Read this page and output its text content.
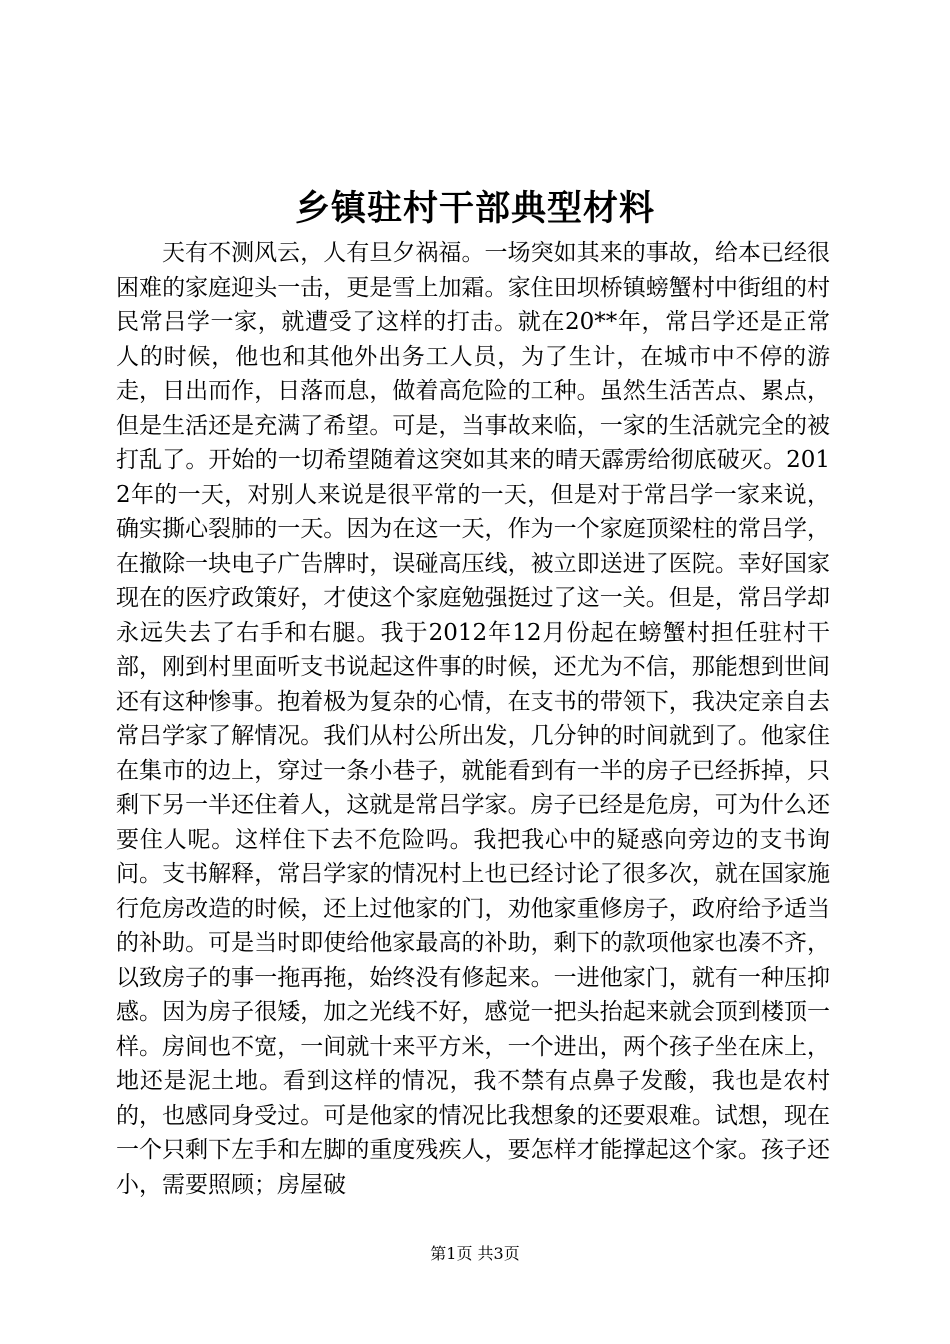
乡镇驻村干部典型材料

天有不测风云，人有旦夕祸福。一场突如其来的事故，给本已经很困难的家庭迎头一击，更是雪上加霜。家住田坝桥镇螃蟹村中街组的村民常吕学一家，就遭受了这样的打击。就在20**年，常吕学还是正常人的时候，他也和其他外出务工人员，为了生计，在城市中不停的游走，日出而作，日落而息，做着高危险的工种。虽然生活苦点、累点，但是生活还是充满了希望。可是，当事故来临，一家的生活就完全的被打乱了。开始的一切希望随着这突如其来的晴天霹雳给彻底破灭。2012年的一天，对别人来说是很平常的一天，但是对于常吕学一家来说，确实撕心裂肺的一天。因为在这一天，作为一个家庭顶梁柱的常吕学，在撤除一块电子广告牌时，误碰高压线，被立即送进了医院。幸好国家现在的医疗政策好，才使这个家庭勉强挺过了这一关。但是，常吕学却永远失去了右手和右腿。我于2012年12月份起在螃蟹村担任驻村干部，刚到村里面听支书说起这件事的时候，还尤为不信，那能想到世间还有这种惨事。抱着极为复杂的心情，在支书的带领下，我决定亲自去常吕学家了解情况。我们从村公所出发，几分钟的时间就到了。他家住在集市的边上，穿过一条小巷子，就能看到有一半的房子已经拆掉，只剩下另一半还住着人，这就是常吕学家。房子已经是危房，可为什么还要住人呢。这样住下去不危险吗。我把我心中的疑惑向旁边的支书询问。支书解释，常吕学家的情况村上也已经讨论了很多次，就在国家施行危房改造的时候，还上过他家的门，劝他家重修房子，政府给予适当的补助。可是当时即使给他家最高的补助，剩下的款项他家也凑不齐，以致房子的事一拖再拖，始终没有修起来。一进他家门，就有一种压抑感。因为房子很矮，加之光线不好，感觉一把头抬起来就会顶到楼顶一样。房间也不宽，一间就十来平方米，一个进出，两个孩子坐在床上，地还是泥土地。看到这样的情况，我不禁有点鼻子发酸，我也是农村的，也感同身受过。可是他家的情况比我想象的还要艰难。试想，现在一个只剩下左手和左脚的重度残疾人，要怎样才能撑起这个家。孩子还小，需要照顾；房屋破

第1页 共3页
